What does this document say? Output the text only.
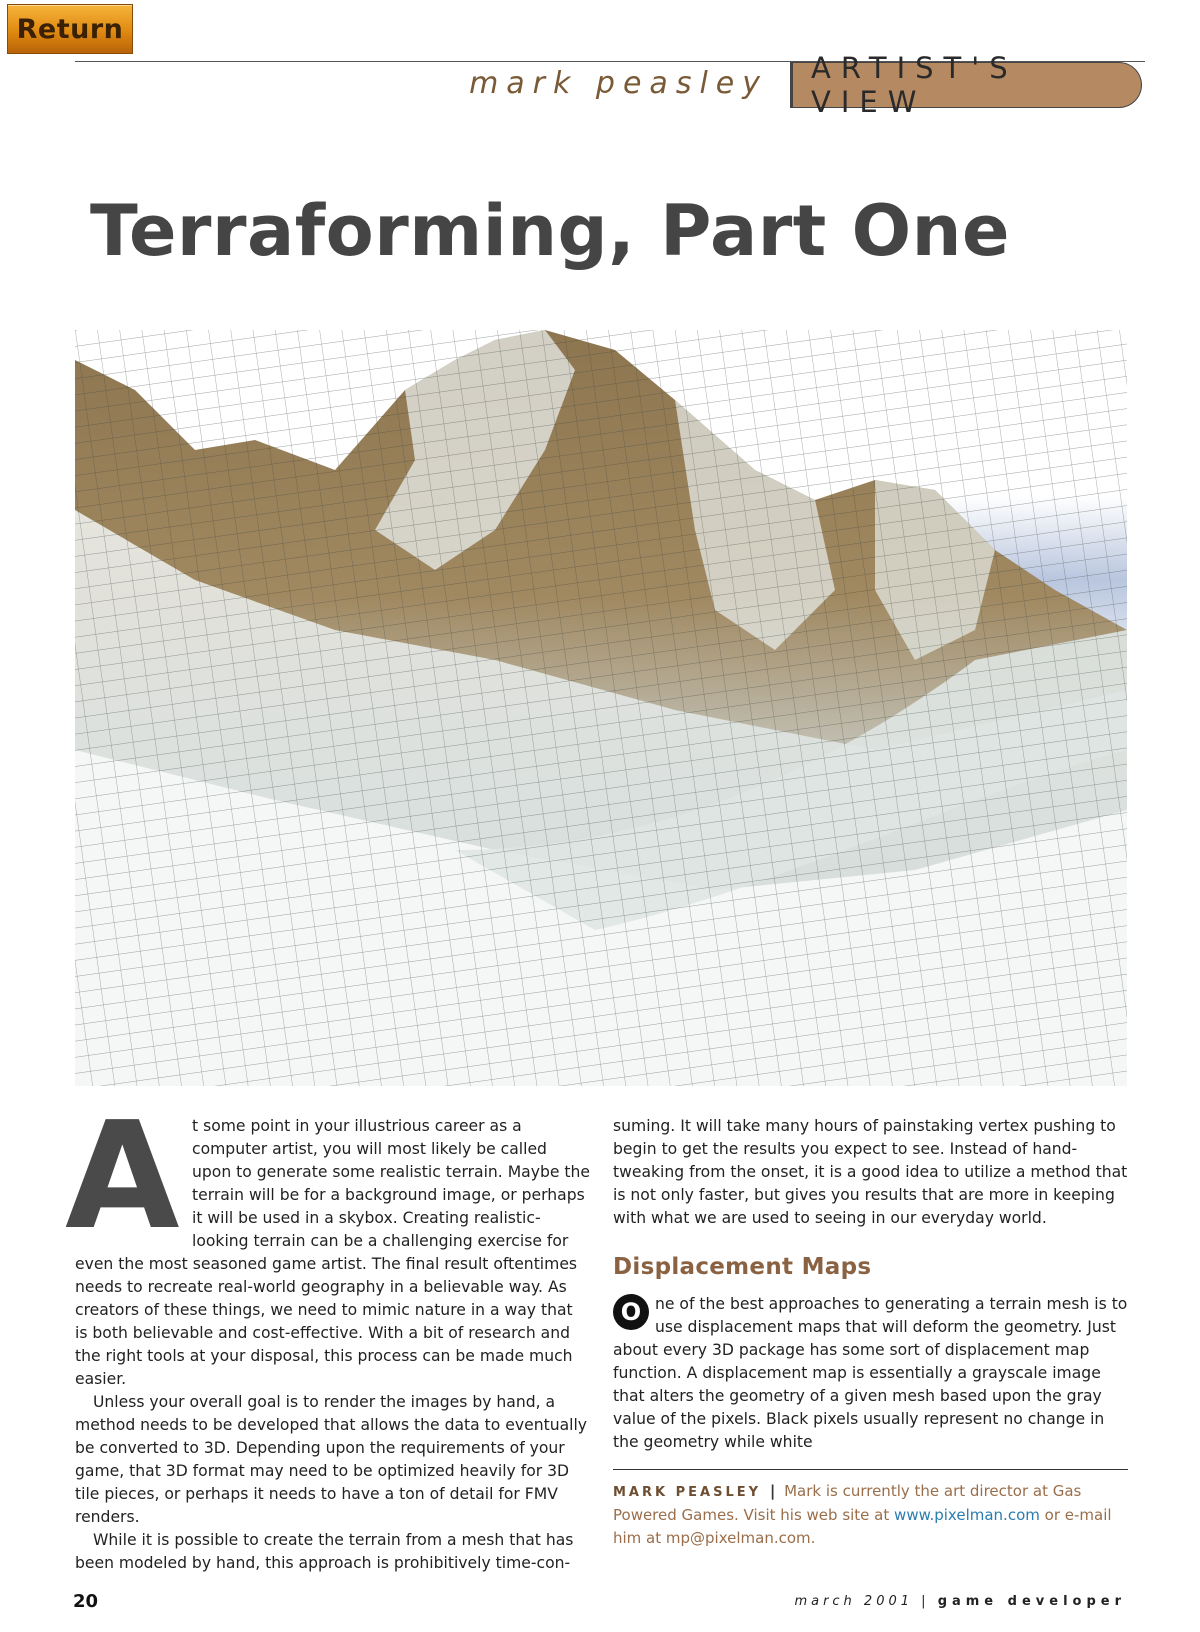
Return
mark peasley ARTIST'S VIEW
Terraforming, Part One

A t some point in your illustrious career as a computer artist, you will most likely be called upon to generate some realistic terrain. Maybe the terrain will be for a background image, or perhaps it will be used in a skybox. Creating realistic-looking terrain can be a challenging exercise for even the most seasoned game artist. The final result oftentimes needs to recreate real-world geography in a believable way. As creators of these things, we need to mimic nature in a way that is both believable and cost-effective. With a bit of research and the right tools at your disposal, this process can be made much easier.

Unless your overall goal is to render the images by hand, a method needs to be developed that allows the data to eventually be converted to 3D. Depending upon the requirements of your game, that 3D format may need to be optimized heavily for 3D tile pieces, or perhaps it needs to have a ton of detail for FMV renders.

While it is possible to create the terrain from a mesh that has been modeled by hand, this approach is prohibitively time-con-

suming. It will take many hours of painstaking vertex pushing to begin to get the results you expect to see. Instead of hand-tweaking from the onset, it is a good idea to utilize a method that is not only faster, but gives you results that are more in keeping with what we are used to seeing in our everyday world.

Displacement Maps

O ne of the best approaches to generating a terrain mesh is to use displacement maps that will deform the geometry. Just about every 3D package has some sort of displacement map function. A displacement map is essentially a grayscale image that alters the geometry of a given mesh based upon the gray value of the pixels. Black pixels usually represent no change in the geometry while white

MARK PEASLEY | Mark is currently the art director at Gas Powered Games. Visit his web site at www.pixelman.com or e-mail him at mp@pixelman.com.
20	march 2001 | game developer
